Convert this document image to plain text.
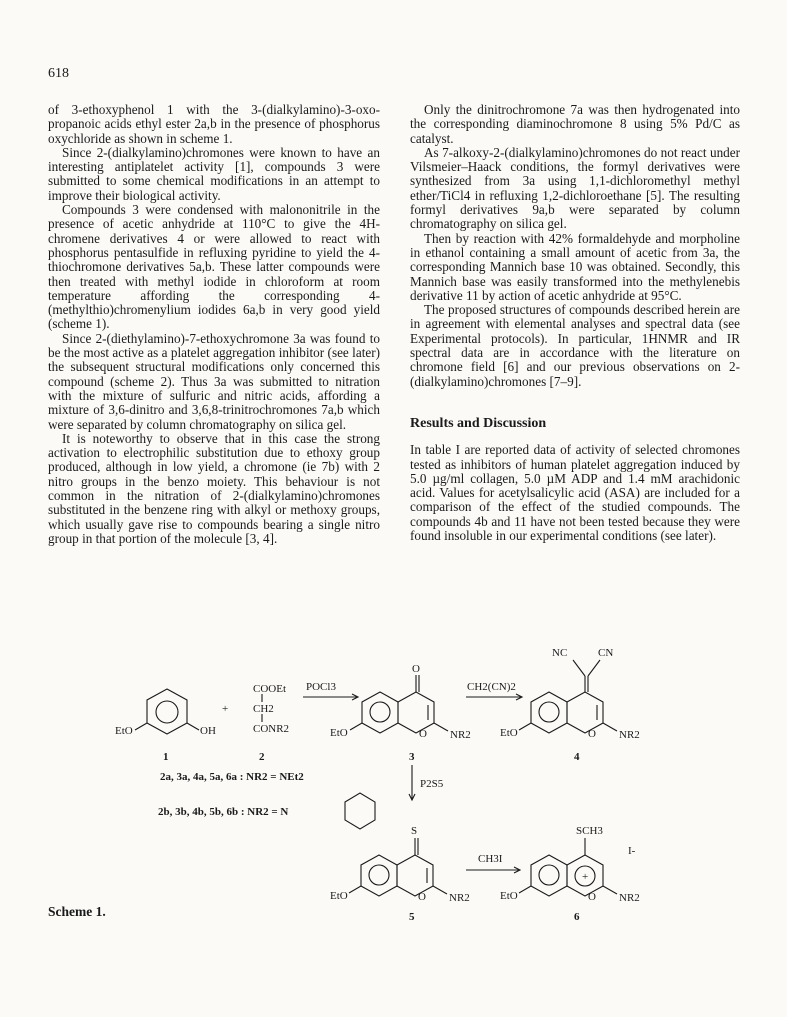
618

of 3-ethoxyphenol 1 with the 3-(dialkylamino)-3-oxo-propanoic acids ethyl ester 2a,b in the presence of phosphorus oxychloride as shown in scheme 1.

Since 2-(dialkylamino)chromones were known to have an interesting antiplatelet activity [1], compounds 3 were submitted to some chemical modifications in an attempt to improve their biological activity.

Compounds 3 were condensed with malononitrile in the presence of acetic anhydride at 110°C to give the 4H-chromene derivatives 4 or were allowed to react with phosphorus pentasulfide in refluxing pyridine to yield the 4-thiochromone derivatives 5a,b. These latter compounds were then treated with methyl iodide in chloroform at room temperature affording the corresponding 4-(methylthio)chromenylium iodides 6a,b in very good yield (scheme 1).

Since 2-(diethylamino)-7-ethoxychromone 3a was found to be the most active as a platelet aggregation inhibitor (see later) the subsequent structural modifications only concerned this compound (scheme 2). Thus 3a was submitted to nitration with the mixture of sulfuric and nitric acids, affording a mixture of 3,6-dinitro and 3,6,8-trinitrochromones 7a,b which were separated by column chromatography on silica gel.

It is noteworthy to observe that in this case the strong activation to electrophilic substitution due to ethoxy group produced, although in low yield, a chromone (ie 7b) with 2 nitro groups in the benzo moiety. This behaviour is not common in the nitration of 2-(dialkylamino)chromones substituted in the benzene ring with alkyl or methoxy groups, which usually gave rise to compounds bearing a single nitro group in that portion of the molecule [3, 4].

Only the dinitrochromone 7a was then hydrogenated into the corresponding diaminochromone 8 using 5% Pd/C as catalyst.

As 7-alkoxy-2-(dialkylamino)chromones do not react under Vilsmeier–Haack conditions, the formyl derivatives were synthesized from 3a using 1,1-dichloromethyl methyl ether/TiCl4 in refluxing 1,2-dichloroethane [5]. The resulting formyl derivatives 9a,b were separated by column chromatography on silica gel.

Then by reaction with 42% formaldehyde and morpholine in ethanol containing a small amount of acetic from 3a, the corresponding Mannich base 10 was obtained. Secondly, this Mannich base was easily transformed into the methylenebis derivative 11 by action of acetic anhydride at 95°C.

The proposed structures of compounds described herein are in agreement with elemental analyses and spectral data (see Experimental protocols). In particular, 1HNMR and IR spectral data are in accordance with the literature on chromone field [6] and our previous observations on 2-(dialkylamino)chromones [7–9].

Results and Discussion

In table I are reported data of activity of selected chromones tested as inhibitors of human platelet aggregation induced by 5.0 µg/ml collagen, 5.0 µM ADP and 1.4 mM arachidonic acid. Values for acetylsalicylic acid (ASA) are included for a comparison of the effect of the studied compounds. The compounds 4b and 11 have not been tested because they were found insoluble in our experimental conditions (see later).

EtO	OH
COOEt
+ CH2
CONR2
POCl3
O
EtO	O NR2
CH2(CN)2
NC	CN
EtO	O NR2
1	2	3	4
2a, 3a, 4a, 5a, 6a : NR2 = NEt2
2b, 3b, 4b, 5b, 6b : NR2 = N
P2S5
S
EtO	O NR2
CH3I
SCH3
I-
+
EtO	O NR2
5	6
Scheme 1.
